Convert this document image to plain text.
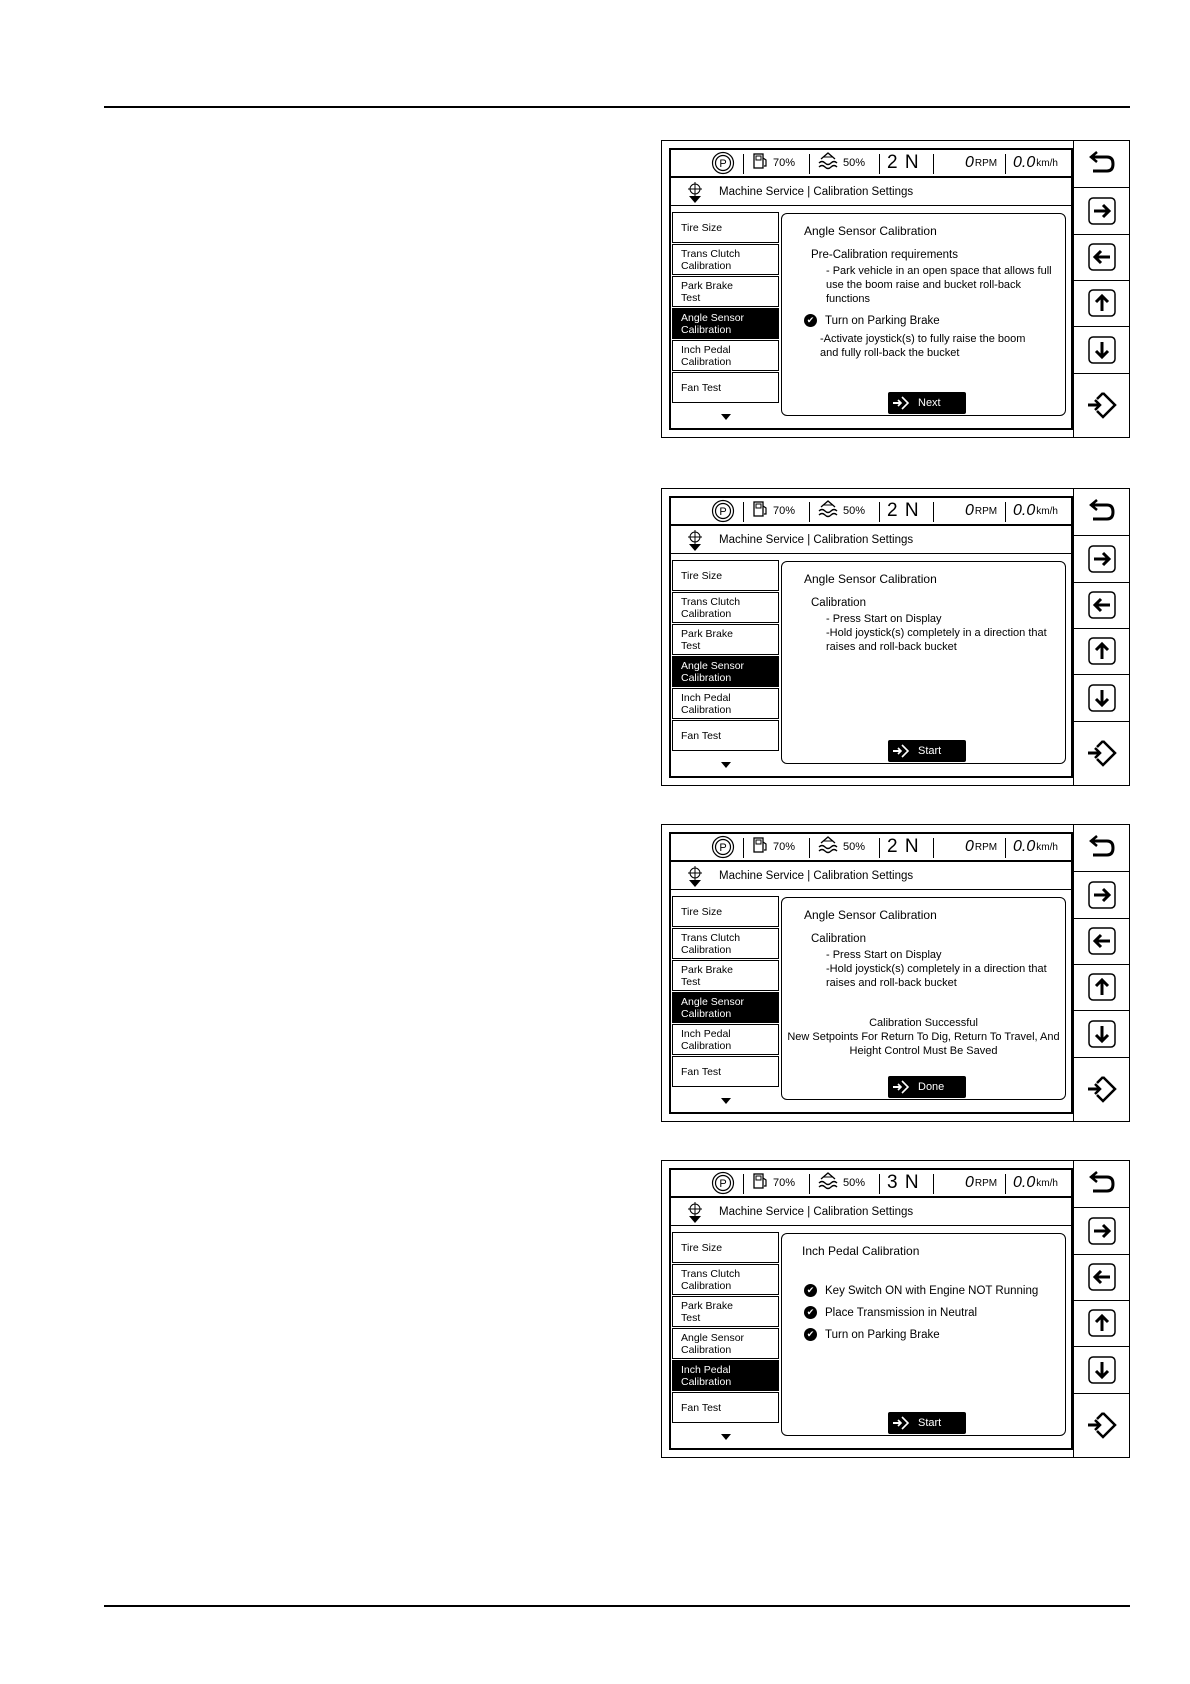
P	70%	50% 2 N	0 RPM 0.0 km/h
Machine Service | Calibration Settings
Tire Size
Trans Clutch
Calibration
Park Brake
Test
Angle Sensor
Calibration
Inch Pedal
Calibration
Fan Test
Angle Sensor Calibration
Next
Pre-Calibration requirements
- Park vehicle in an open space that allows full
use the boom raise and bucket roll-back
functions
✔ Turn on Parking Brake
-Activate joystick(s) to fully raise the boom
and fully roll-back the bucket
P	70%	50% 2 N	0 RPM 0.0 km/h
Machine Service | Calibration Settings
Tire Size
Trans Clutch
Calibration
Park Brake
Test
Angle Sensor
Calibration
Inch Pedal
Calibration
Fan Test
Angle Sensor Calibration
Start
Calibration
- Press Start on Display
-Hold joystick(s) completely in a direction that
raises and roll-back bucket
P	70%	50% 2 N	0 RPM 0.0 km/h
Machine Service | Calibration Settings
Tire Size
Trans Clutch
Calibration
Park Brake
Test
Angle Sensor
Calibration
Inch Pedal
Calibration
Fan Test
Angle Sensor Calibration
Done
Calibration
- Press Start on Display
-Hold joystick(s) completely in a direction that
raises and roll-back bucket
Calibration Successful
New Setpoints For Return To Dig, Return To Travel, And
Height Control Must Be Saved
P	70%	50% 3 N	0 RPM 0.0 km/h
Machine Service | Calibration Settings
Tire Size
Trans Clutch
Calibration
Park Brake
Test
Angle Sensor
Calibration
Inch Pedal
Calibration
Fan Test
Inch Pedal Calibration
Start
✔ Key Switch ON with Engine NOT Running
✔ Place Transmission in Neutral
✔ Turn on Parking Brake
